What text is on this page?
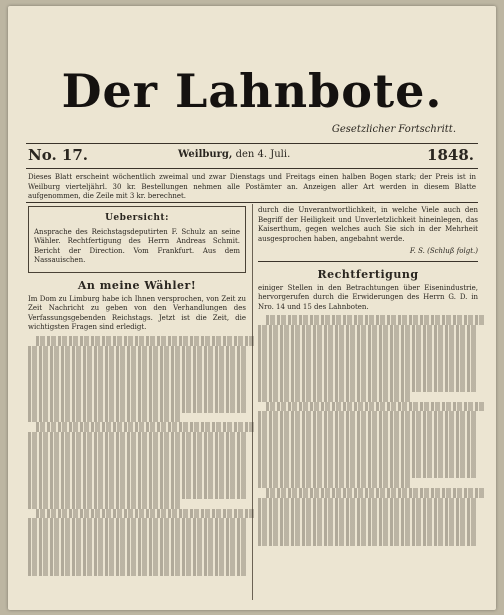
Der Lahnbote.
Gesetzlicher Fortschritt.
No. 17.	Weilburg, den 4. Juli.	1848.
Dieses Blatt erscheint wöchentlich zweimal und zwar Dienstags und Freitags einen halben Bogen stark; der Preis ist in Weilburg vierteljährl. 30 kr. Bestellungen nehmen alle Postämter an. Anzeigen aller Art werden in diesem Blatte aufgenommen, die Zeile mit 3 kr. berechnet.
Uebersicht:
Ansprache des Reichstagsdeputirten F. Schulz an seine Wähler. Rechtfertigung des Herrn Andreas Schmit. Bericht der Direction. Vom Frankfurt. Aus dem Nassauischen.
An meine Wähler!
Im Dom zu Limburg habe ich Ihnen versprochen, von Zeit zu Zeit Nachricht zu geben von den Verhandlungen des Verfassungsgebenden Reichstags. Jetzt ist die Zeit, die wichtigsten Fragen sind erledigt.
durch die Unverantwortlichkeit, in welche Viele auch den Begriff der Heiligkeit und Unverletzlichkeit hineinlegen, das Kaiserthum, gegen welches auch Sie sich in der Mehrheit ausgesprochen haben, angebahnt werde.
F. S. (Schluß folgt.)
Rechtfertigung
einiger Stellen in den Betrachtungen über Eisenindustrie, hervorgerufen durch die Erwiderungen des Herrn G. D. in Nro. 14 und 15 des Lahnboten.
